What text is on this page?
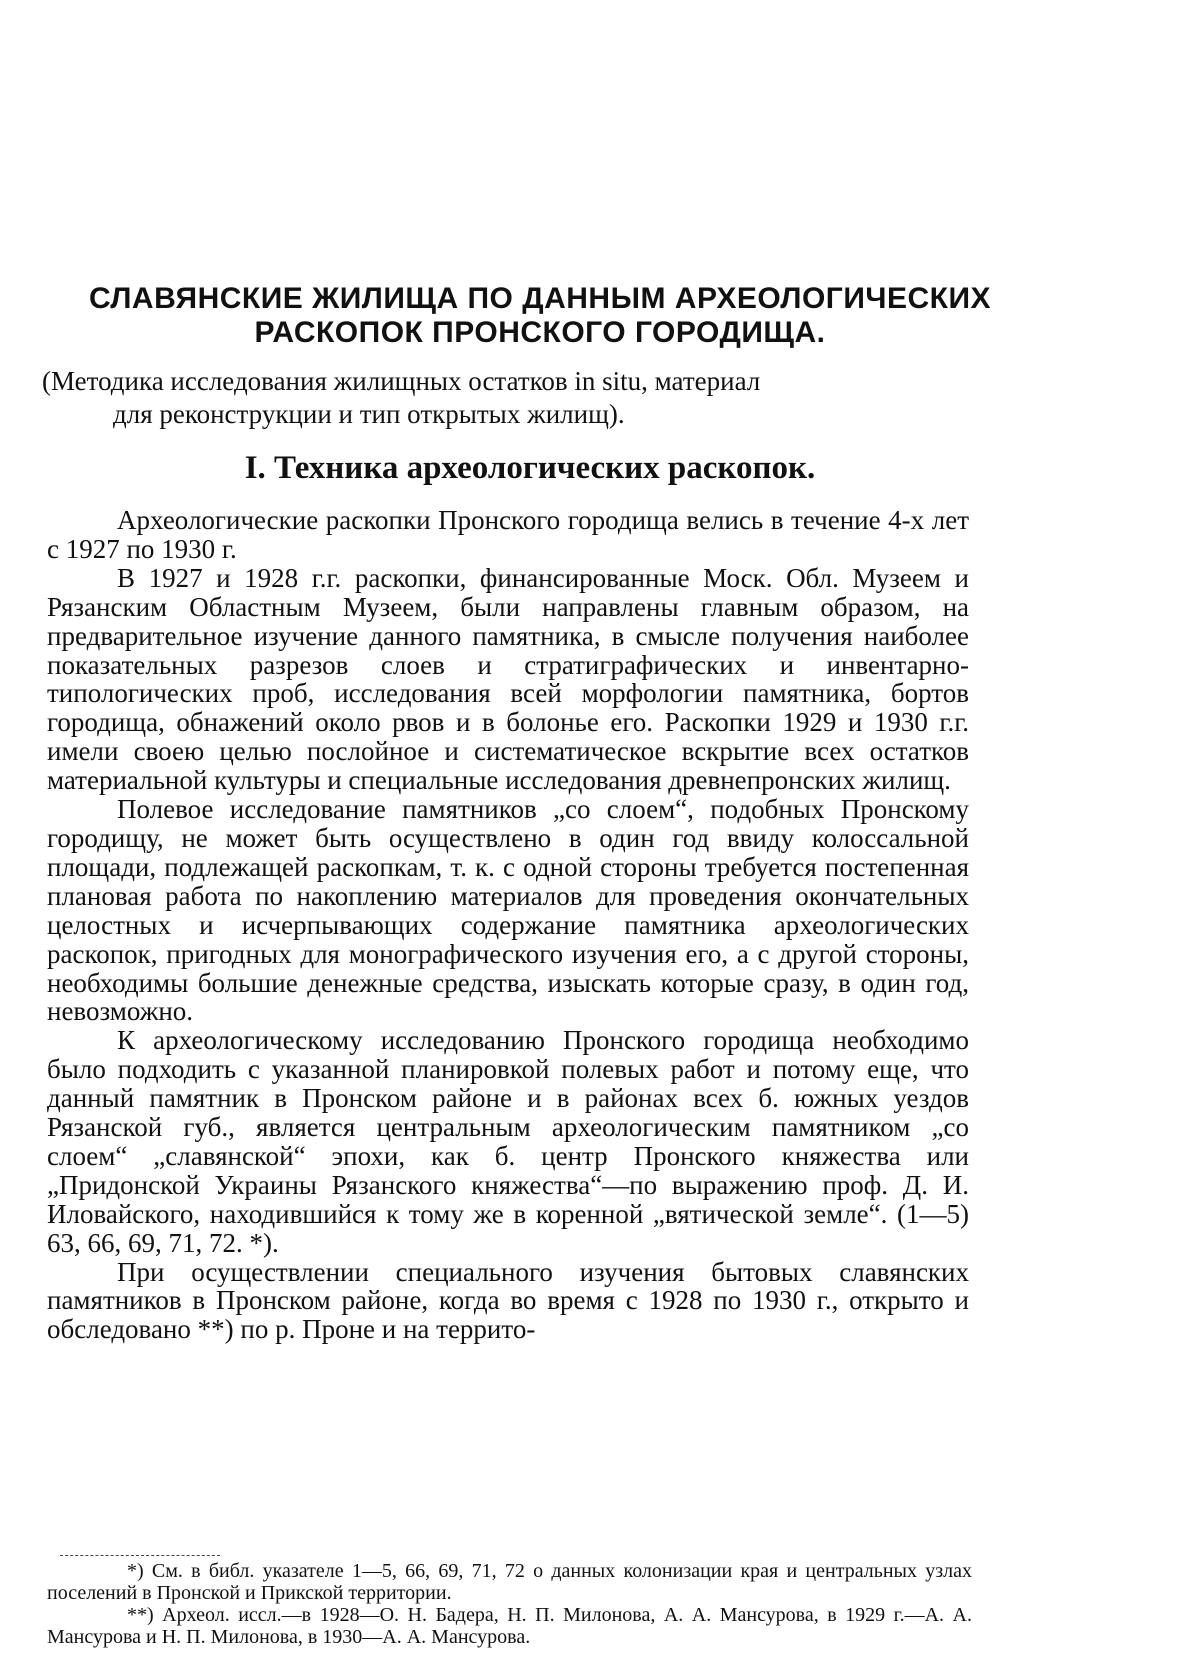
СЛАВЯНСКИЕ ЖИЛИЩА ПО ДАННЫМ АРХЕОЛОГИЧЕСКИХ
РАСКОПОК ПРОНСКОГО ГОРОДИЩА.
(Методика исследования жилищных остатков in situ, материал
для реконструкции и тип открытых жилищ).
I. Техника археологических раскопок.

Археологические раскопки Пронского городища велись в течение 4-х лет с 1927 по 1930 г.

В 1927 и 1928 г.г. раскопки, финансированные Моск. Обл. Музеем и Рязанским Областным Музеем, были направлены главным образом, на предварительное изучение данного памятника, в смысле получения наиболее показательных разрезов слоев и стратиграфических и инвентарно-типологических проб, исследования всей морфологии памятника, бортов городища, обнажений около рвов и в болонье его. Раскопки 1929 и 1930 г.г. имели своею целью послойное и систематическое вскрытие всех остатков материальной культуры и специальные исследования древнепронских жилищ.

Полевое исследование памятников „со слоем“, подобных Пронскому городищу, не может быть осуществлено в один год ввиду колоссальной площади, подлежащей раскопкам, т. к. с одной стороны требуется постепенная плановая работа по накоплению материалов для проведения окончательных целостных и исчерпывающих содержание памятника археологических раскопок, пригодных для монографического изучения его, а с другой стороны, необходимы большие денежные средства, изыскать которые сразу, в один год, невозможно.

К археологическому исследованию Пронского городища необходимо было подходить с указанной планировкой полевых работ и потому еще, что данный памятник в Пронском районе и в районах всех б. южных уездов Рязанской губ., является центральным археологическим памятником „со слоем“ „славянской“ эпохи, как б. центр Пронского княжества или „Придонской Украины Рязанского княжества“—по выражению проф. Д. И. Иловайского, находившийся к тому же в коренной „вятической земле“. (1—5) 63, 66, 69, 71, 72. *).

При осуществлении специального изучения бытовых славянских памятников в Пронском районе, когда во время с 1928 по 1930 г., открыто и обследовано **) по р. Проне и на террито-

*) См. в библ. указателе 1—5, 66, 69, 71, 72 о данных колонизации края и центральных узлах поселений в Пронской и Прикской территории.

**) Археол. иссл.—в 1928—О. Н. Бадера, Н. П. Милонова, А. А. Мансурова, в 1929 г.—А. А. Мансурова и Н. П. Милонова, в 1930—А. А. Мансурова.
